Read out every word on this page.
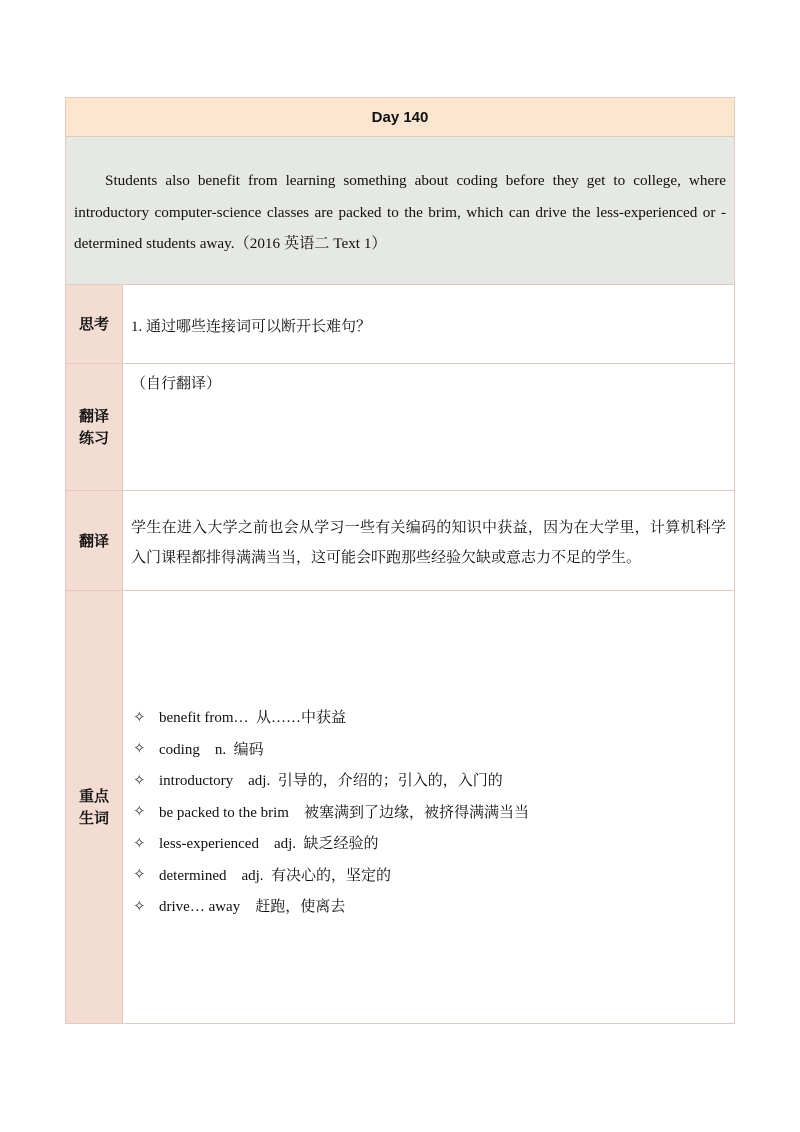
Day 140
Students also benefit from learning something about coding before they get to college, where introductory computer-science classes are packed to the brim, which can drive the less-experienced or -determined students away.（2016 英语二 Text 1）
思考	1. 通过哪些连接词可以断开长难句？
翻译练习
（自行翻译）
翻译
学生在进入大学之前也会从学习一些有关编码的知识中获益，因为在大学里，计算机科学入门课程都排得满满当当，这可能会吓跑那些经验欠缺或意志力不足的学生。
重点生词
✧ benefit from…  从……中获益
✧ coding    n.  编码
✧ introductory    adj.  引导的，介绍的；引入的，入门的
✧ be packed to the brim    被塞满到了边缘，被挤得满满当当
✧ less-experienced    adj.  缺乏经验的
✧ determined    adj.  有决心的，坚定的
✧ drive… away    赶跑，使离去
